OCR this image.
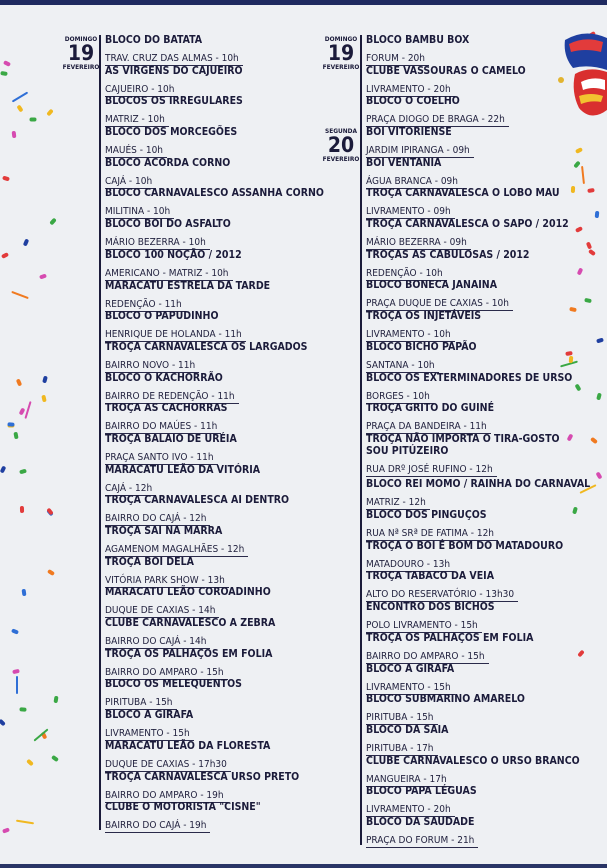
DOMINGO
19
FEVEREIRO
BLOCO DO BATATA
TRAV. CRUZ DAS ALMAS - 10h
AS VIRGENS DO CAJUEIRO
CAJUEIRO - 10h
BLOCOS OS IRREGULARES
MATRIZ - 10h
BLOCO DOS MORCEGÕES
MAUÉS - 10h
BLOCO ACORDA CORNO
CAJÁ - 10h
BLOCO CARNAVALESCO ASSANHA CORNO
MILITINA - 10h
BLOCO BOI DO ASFALTO
MÁRIO BEZERRA - 10h
BLOCO 100 NOÇÃO / 2012
AMERICANO - MATRIZ - 10h
MARACATU ESTRELA DA TARDE
REDENÇÃO - 11h
BLOCO O PAPUDINHO
HENRIQUE DE HOLANDA - 11h
TROÇA CARNAVALESCA OS LARGADOS
BAIRRO NOVO - 11h
BLOCO O KACHORRÃO
BAIRRO DE REDENÇÃO - 11h
TROÇA AS CACHORRAS
BAIRRO DO MAÚES - 11h
TROÇA BALAIO DE URÉIA
PRAÇA SANTO IVO - 11h
MARACATU LEÃO DA VITÓRIA
CAJÁ - 12h
TROÇA CARNAVALESCA AI DENTRO
BAIRRO DO CAJÁ - 12h
TROÇA SAI NA MARRA
AGAMENOM MAGALHÃES - 12h
TROÇA BOI DELA
VITÓRIA PARK SHOW - 13h
MARACATU LEÃO COROADINHO
DUQUE DE CAXIAS - 14h
CLUBE CARNAVALESCO A ZEBRA
BAIRRO DO CAJÁ - 14h
TROÇA OS PALHAÇOS EM FOLIA
BAIRRO DO AMPARO - 15h
BLOCO OS MELEQUENTOS
PIRITUBA - 15h
BLOCO A GIRAFA
LIVRAMENTO - 15h
MARACATU LEÃO DA FLORESTA
DUQUE DE CAXIAS - 17h30
TROÇA CARNAVALESCA URSO PRETO
BAIRRO DO AMPARO - 19h
CLUBE O MOTORISTA "CISNE"
BAIRRO DO CAJÁ - 19h
DOMINGO
19
FEVEREIRO
SEGUNDA
20
FEVEREIRO
BLOCO BAMBU BOX
FORUM - 20h
CLUBE VASSOURAS O CAMELO
LIVRAMENTO - 20h
BLOCO O COELHO
PRAÇA DIOGO DE BRAGA - 22h
BOI VITORIENSE
JARDIM IPIRANGA - 09h
BOI VENTANIA
ÁGUA BRANCA - 09h
TROÇA CARNAVALESCA O LOBO MAU
LIVRAMENTO - 09h
TROÇA CARNAVALESCA O SAPO / 2012
MÁRIO BEZERRA - 09h
TROÇAS AS CABULOSAS / 2012
REDENÇÃO - 10h
BLOCO BONECA JANAINA
PRAÇA DUQUE DE CAXIAS - 10h
TROÇA OS INJETÁVEIS
LIVRAMENTO - 10h
BLOCO BICHO PAPÃO
SANTANA - 10h
BLOCO OS EXTERMINADORES DE URSO
BORGES - 10h
TROÇA GRITO DO GUINÉ
PRAÇA DA BANDEIRA - 11h
TROÇA NÃO IMPORTA O TIRA-GOSTO SOU PITÚZEIRO
RUA DRº JOSÉ RUFINO - 12h
BLOCO REI MOMO / RAINHA DO CARNAVAL
MATRIZ - 12h
BLOCO DOS PINGUÇOS
RUA Nª SRª DE FATIMA - 12h
TROÇA O BOI É BOM DO MATADOURO
MATADOURO - 13h
TROÇA TABACO DA VEIA
ALTO DO RESERVATÓRIO - 13h30
ENCONTRO DOS BICHOS
POLO LIVRAMENTO - 15h
TROÇA OS PALHAÇOS EM FOLIA
BAIRRO DO AMPARO - 15h
BLOCO A GIRAFA
LIVRAMENTO - 15h
BLOCO SUBMARINO AMARELO
PIRITUBA - 15h
BLOCO DA SAIA
PIRITUBA - 17h
CLUBE CARNAVALESCO O URSO BRANCO
MANGUEIRA - 17h
BLOCO PAPA LÉGUAS
LIVRAMENTO - 20h
BLOCO DA SAUDADE
PRAÇA DO FORUM - 21h
